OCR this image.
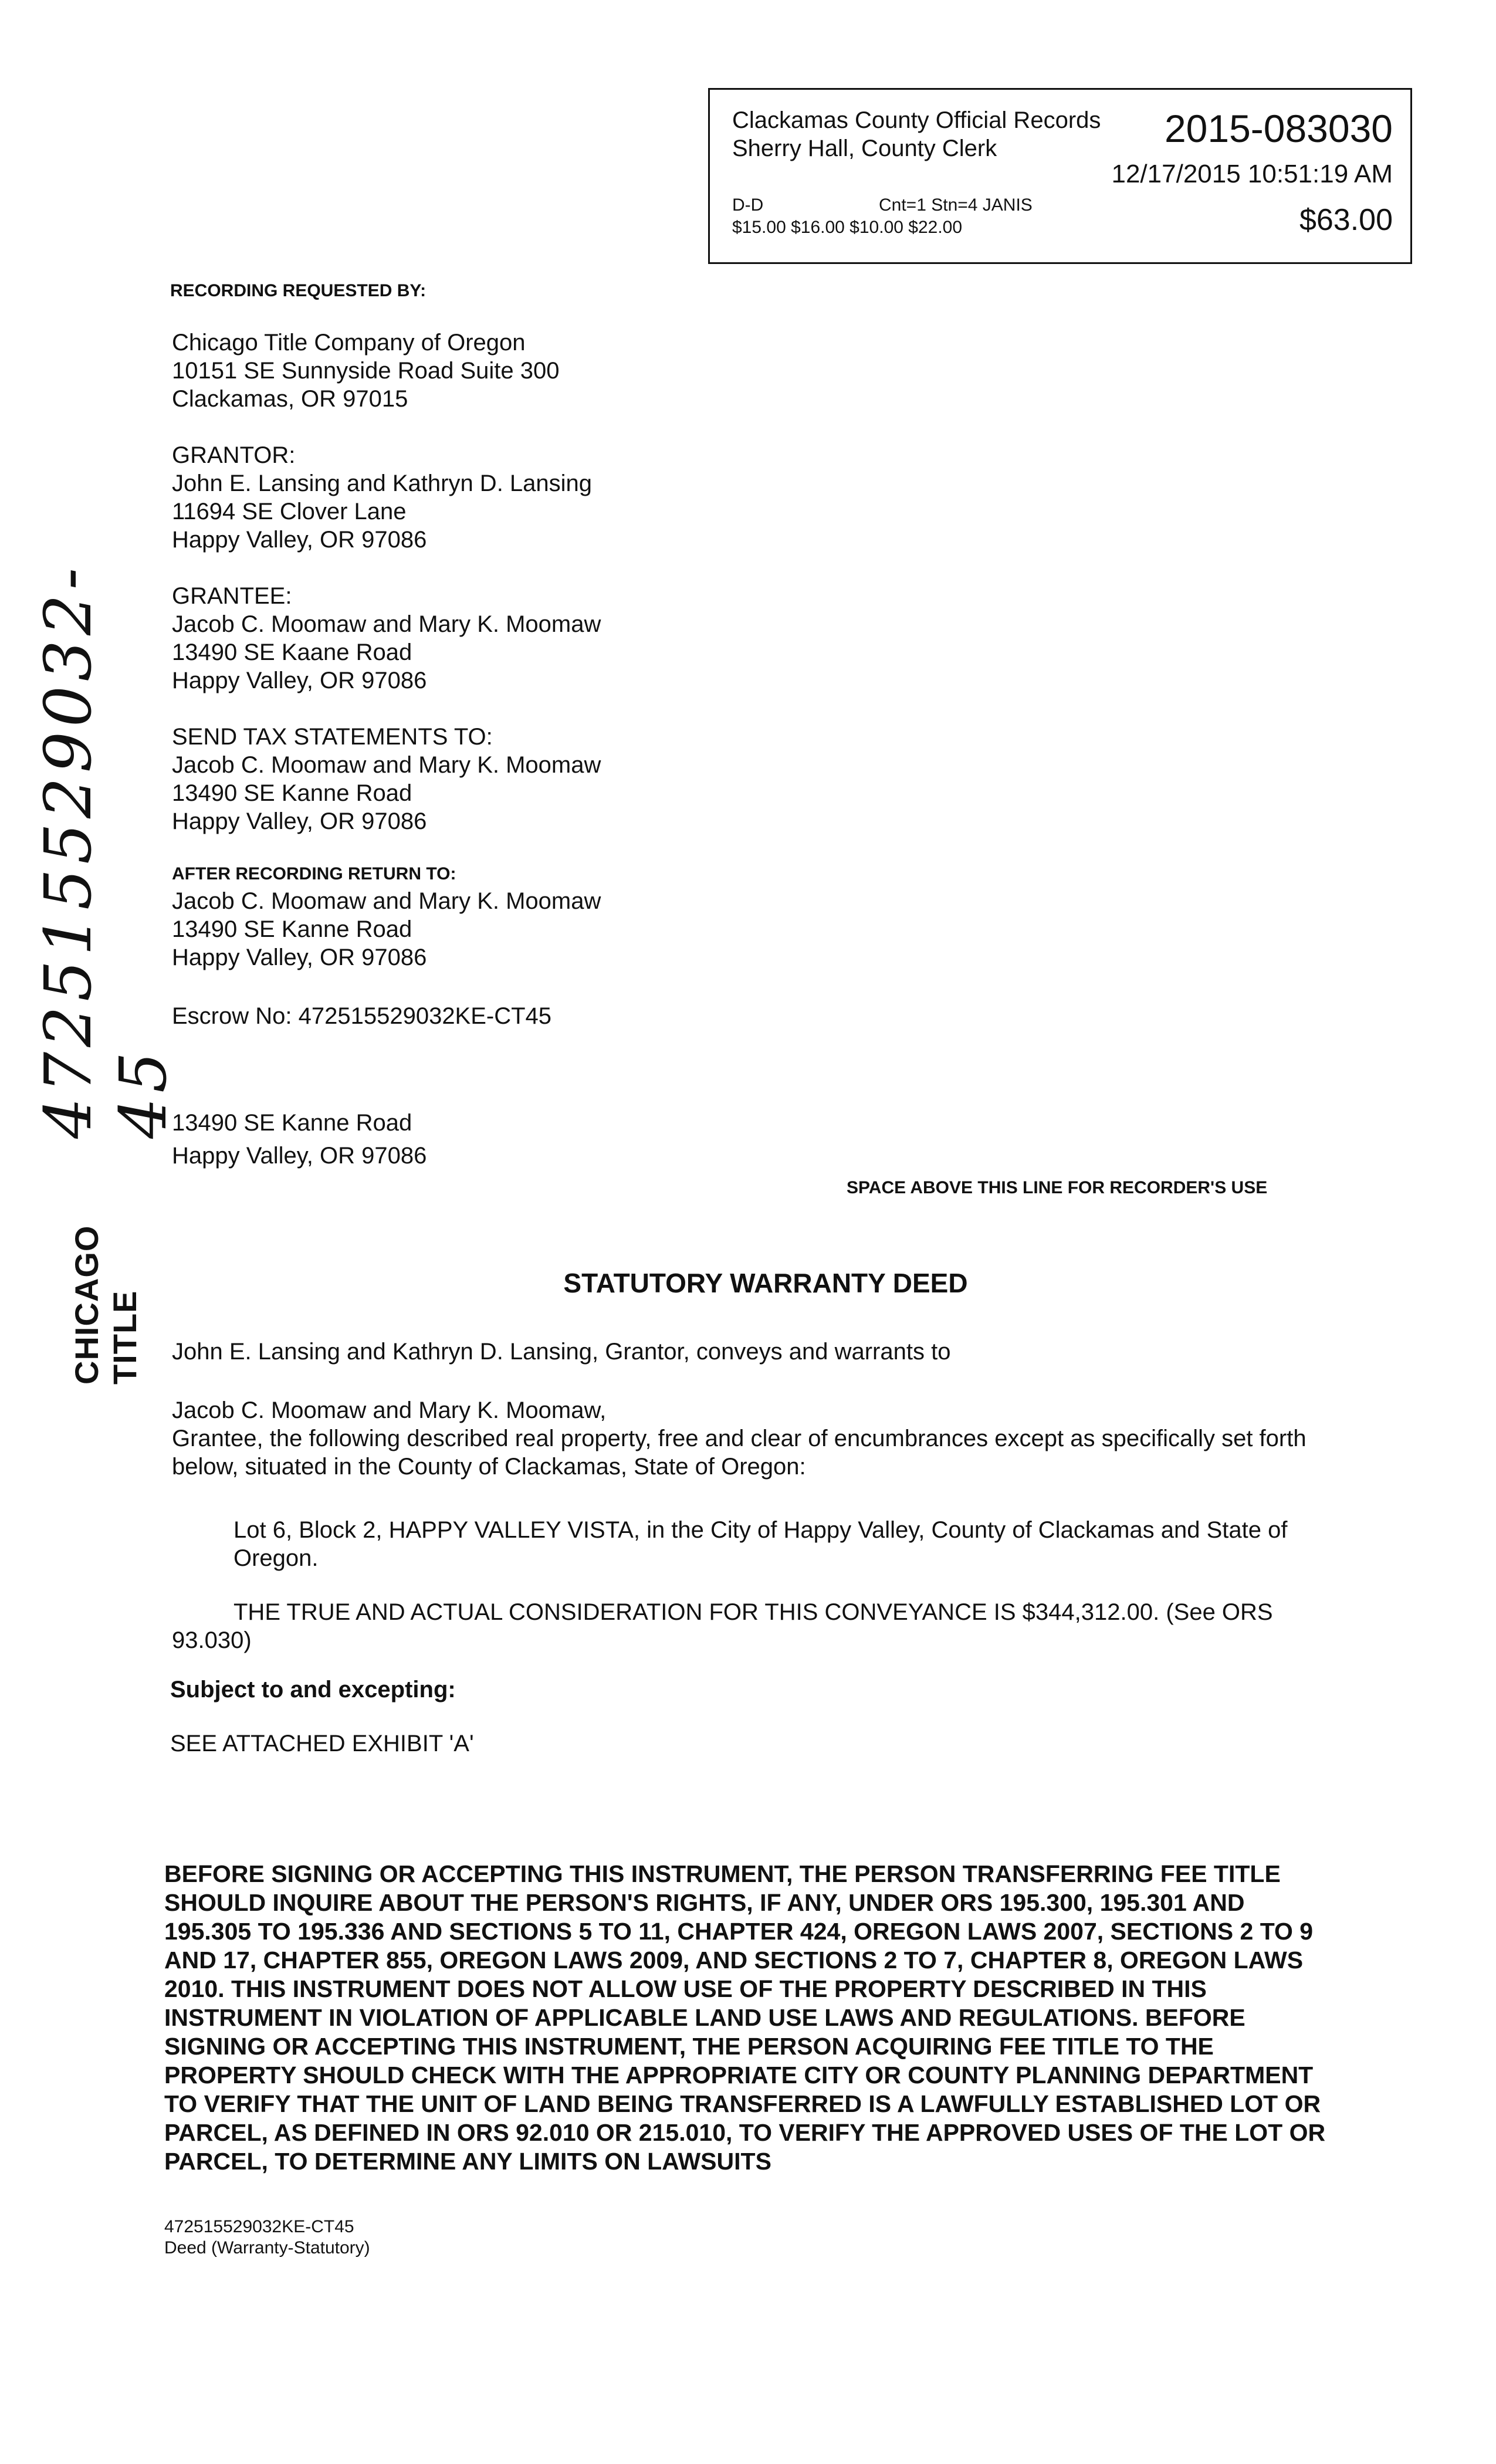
Clackamas County Official Records
Sherry Hall, County Clerk	2015-083030
12/17/2015 10:51:19 AM
D-D	Cnt=1 Stn=4 JANIS
$15.00 $16.00 $10.00 $22.00	$63.00
CHICAGO TITLE
472515529032-45
RECORDING REQUESTED BY:
Chicago Title Company of Oregon
10151 SE Sunnyside Road Suite 300
Clackamas, OR 97015
GRANTOR:
John E. Lansing and Kathryn D. Lansing
11694 SE Clover Lane
Happy Valley, OR 97086
GRANTEE:
Jacob C. Moomaw and Mary K. Moomaw
13490 SE Kaane Road
Happy Valley, OR 97086
SEND TAX STATEMENTS TO:
Jacob C. Moomaw and Mary K. Moomaw
13490 SE Kanne Road
Happy Valley, OR 97086
AFTER RECORDING RETURN TO:
Jacob C. Moomaw and Mary K. Moomaw
13490 SE Kanne Road
Happy Valley, OR 97086
Escrow No: 472515529032KE-CT45
13490 SE Kanne Road
Happy Valley, OR 97086
SPACE ABOVE THIS LINE FOR RECORDER'S USE
STATUTORY WARRANTY DEED
John E. Lansing and Kathryn D. Lansing, Grantor, conveys and warrants to
Jacob C. Moomaw and Mary K. Moomaw,
Grantee, the following described real property, free and clear of encumbrances except as specifically set forth below, situated in the County of Clackamas, State of Oregon:
Lot 6, Block 2, HAPPY VALLEY VISTA, in the City of Happy Valley, County of Clackamas and State of Oregon.
THE TRUE AND ACTUAL CONSIDERATION FOR THIS CONVEYANCE IS $344,312.00. (See ORS 93.030)
Subject to and excepting:
SEE ATTACHED EXHIBIT 'A'
BEFORE SIGNING OR ACCEPTING THIS INSTRUMENT, THE PERSON TRANSFERRING FEE TITLE SHOULD INQUIRE ABOUT THE PERSON'S RIGHTS, IF ANY, UNDER ORS 195.300, 195.301 AND 195.305 TO 195.336 AND SECTIONS 5 TO 11, CHAPTER 424, OREGON LAWS 2007, SECTIONS 2 TO 9 AND 17, CHAPTER 855, OREGON LAWS 2009, AND SECTIONS 2 TO 7, CHAPTER 8, OREGON LAWS 2010. THIS INSTRUMENT DOES NOT ALLOW USE OF THE PROPERTY DESCRIBED IN THIS INSTRUMENT IN VIOLATION OF APPLICABLE LAND USE LAWS AND REGULATIONS. BEFORE SIGNING OR ACCEPTING THIS INSTRUMENT, THE PERSON ACQUIRING FEE TITLE TO THE PROPERTY SHOULD CHECK WITH THE APPROPRIATE CITY OR COUNTY PLANNING DEPARTMENT TO VERIFY THAT THE UNIT OF LAND BEING TRANSFERRED IS A LAWFULLY ESTABLISHED LOT OR PARCEL, AS DEFINED IN ORS 92.010 OR 215.010, TO VERIFY THE APPROVED USES OF THE LOT OR PARCEL, TO DETERMINE ANY LIMITS ON LAWSUITS
472515529032KE-CT45
Deed (Warranty-Statutory)
